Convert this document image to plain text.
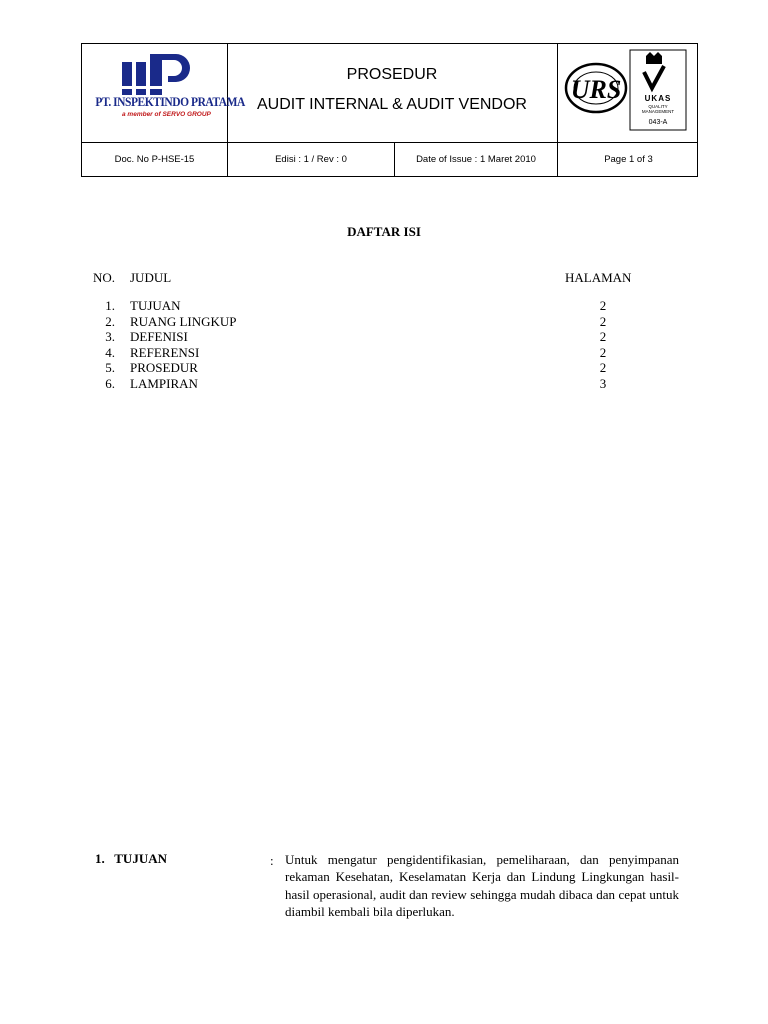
PT. INSPEKTINDO PRATAMA
a member of SERVO GROUP
PROSEDUR
AUDIT INTERNAL & AUDIT VENDOR
URS	UKAS
QUALITY
MANAGEMENT
043-A
Doc. No P-HSE-15	Edisi : 1 / Rev : 0	Date of Issue : 1 Maret 2010	Page 1 of 3
DAFTAR ISI
NO. JUDUL	HALAMAN
1. TUJUAN	2
2. RUANG LINGKUP	2
3. DEFENISI	2
4. REFERENSI	2
5. PROSEDUR	2
6. LAMPIRAN	3
1.   TUJUAN	: Untuk mengatur pengidentifikasian, pemeliharaan, dan penyimpanan rekaman Kesehatan, Keselamatan Kerja dan Lindung Lingkungan hasil-hasil operasional, audit dan review sehingga mudah dibaca dan cepat untuk diambil kembali bila diperlukan.
